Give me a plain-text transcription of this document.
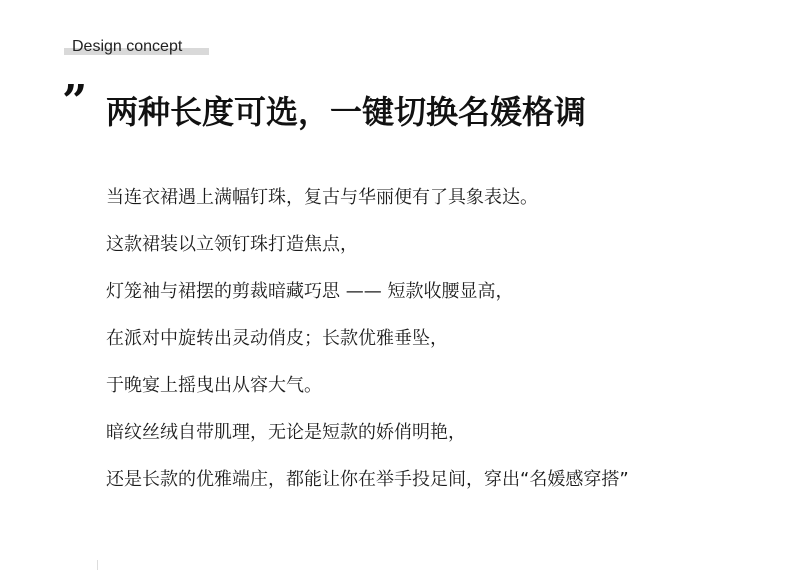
Design concept
” 两种长度可选，一键切换名媛格调
当连衣裙遇上满幅钉珠，复古与华丽便有了具象表达。
这款裙装以立领钉珠打造焦点，
灯笼袖与裙摆的剪裁暗藏巧思 —— 短款收腰显高，
在派对中旋转出灵动俏皮；长款优雅垂坠，
于晚宴上摇曳出从容大气。
暗纹丝绒自带肌理，无论是短款的娇俏明艳，
还是长款的优雅端庄，都能让你在举手投足间，穿出“名媛感穿搭”
